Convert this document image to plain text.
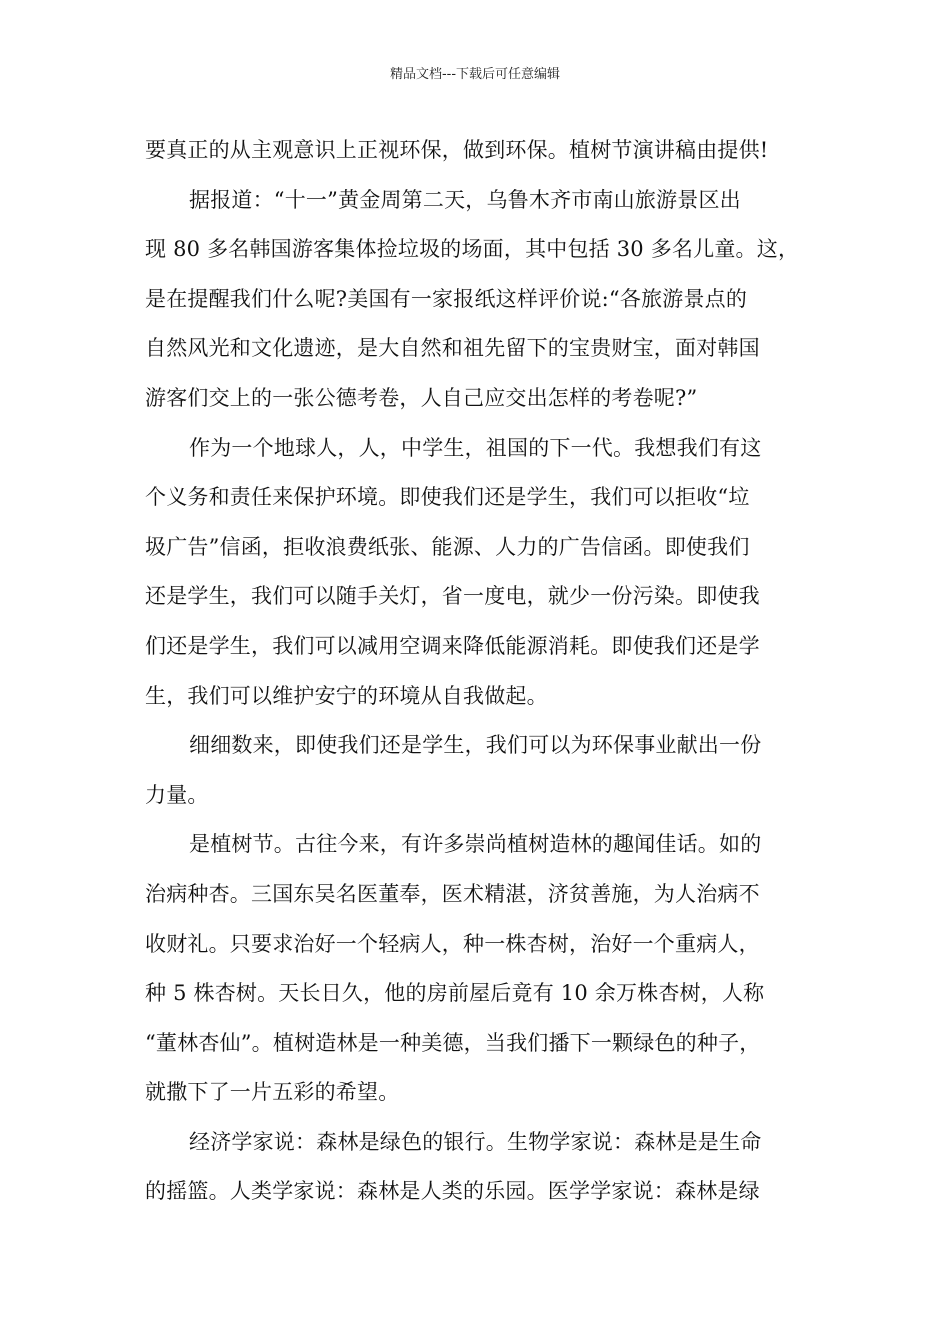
精品文档---下载后可任意编辑
要真正的从主观意识上正视环保，做到环保。植树节演讲稿由提供!
据报道：“十一”黄金周第二天，乌鲁木齐市南山旅游景区出
现 80 多名韩国游客集体捡垃圾的场面，其中包括 30 多名儿童。这，
是在提醒我们什么呢?美国有一家报纸这样评价说:“各旅游景点的
自然风光和文化遗迹，是大自然和祖先留下的宝贵财宝，面对韩国
游客们交上的一张公德考卷，人自己应交出怎样的考卷呢?”
作为一个地球人，人，中学生，祖国的下一代。我想我们有这
个义务和责任来保护环境。即使我们还是学生，我们可以拒收“垃
圾广告”信函，拒收浪费纸张、能源、人力的广告信函。即使我们
还是学生，我们可以随手关灯，省一度电，就少一份污染。即使我
们还是学生，我们可以减用空调来降低能源消耗。即使我们还是学
生，我们可以维护安宁的环境从自我做起。
细细数来，即使我们还是学生，我们可以为环保事业献出一份
力量。
是植树节。古往今来，有许多崇尚植树造林的趣闻佳话。如的
治病种杏。三国东吴名医董奉，医术精湛，济贫善施，为人治病不
收财礼。只要求治好一个轻病人，种一株杏树，治好一个重病人，
种 5 株杏树。天长日久，他的房前屋后竟有 10 余万株杏树，人称
“董林杏仙”。植树造林是一种美德，当我们播下一颗绿色的种子，
就撒下了一片五彩的希望。
经济学家说：森林是绿色的银行。生物学家说：森林是是生命
的摇篮。人类学家说：森林是人类的乐园。医学学家说：森林是绿
